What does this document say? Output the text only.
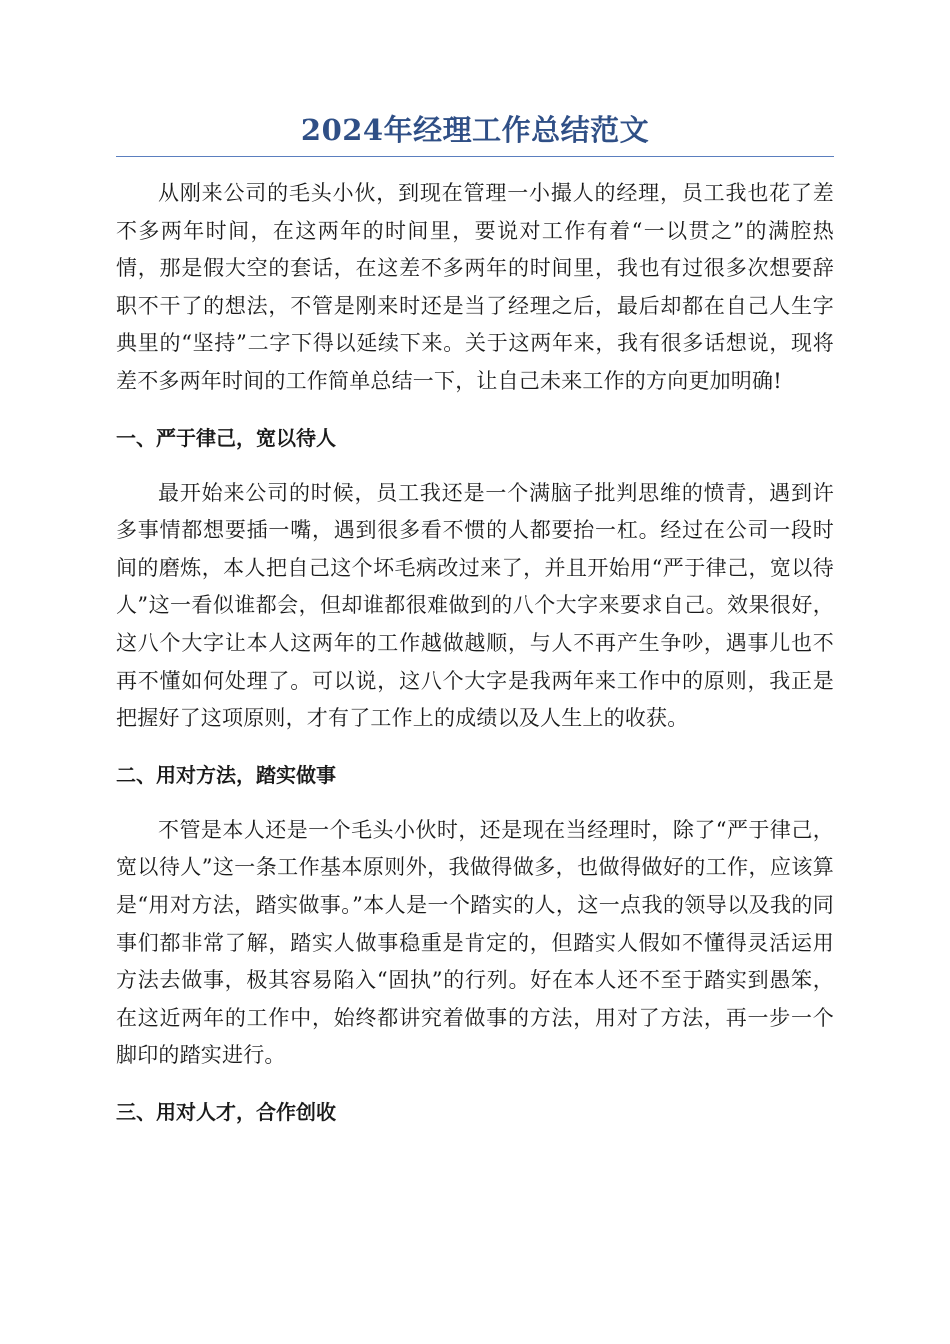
2024年经理工作总结范文

从刚来公司的毛头小伙，到现在管理一小撮人的经理，员工我也花了差不多两年时间，在这两年的时间里，要说对工作有着“一以贯之”的满腔热情，那是假大空的套话，在这差不多两年的时间里，我也有过很多次想要辞职不干了的想法，不管是刚来时还是当了经理之后，最后却都在自己人生字典里的“坚持”二字下得以延续下来。关于这两年来，我有很多话想说，现将差不多两年时间的工作简单总结一下，让自己未来工作的方向更加明确!

一、严于律己，宽以待人

最开始来公司的时候，员工我还是一个满脑子批判思维的愤青，遇到许多事情都想要插一嘴，遇到很多看不惯的人都要抬一杠。经过在公司一段时间的磨炼，本人把自己这个坏毛病改过来了，并且开始用“严于律己，宽以待人”这一看似谁都会，但却谁都很难做到的八个大字来要求自己。效果很好，这八个大字让本人这两年的工作越做越顺，与人不再产生争吵，遇事儿也不再不懂如何处理了。可以说，这八个大字是我两年来工作中的原则，我正是把握好了这项原则，才有了工作上的成绩以及人生上的收获。

二、用对方法，踏实做事

不管是本人还是一个毛头小伙时，还是现在当经理时，除了“严于律己，宽以待人”这一条工作基本原则外，我做得做多，也做得做好的工作，应该算是“用对方法，踏实做事。”本人是一个踏实的人，这一点我的领导以及我的同事们都非常了解，踏实人做事稳重是肯定的，但踏实人假如不懂得灵活运用方法去做事，极其容易陷入“固执”的行列。好在本人还不至于踏实到愚笨，在这近两年的工作中，始终都讲究着做事的方法，用对了方法，再一步一个脚印的踏实进行。

三、用对人才，合作创收
